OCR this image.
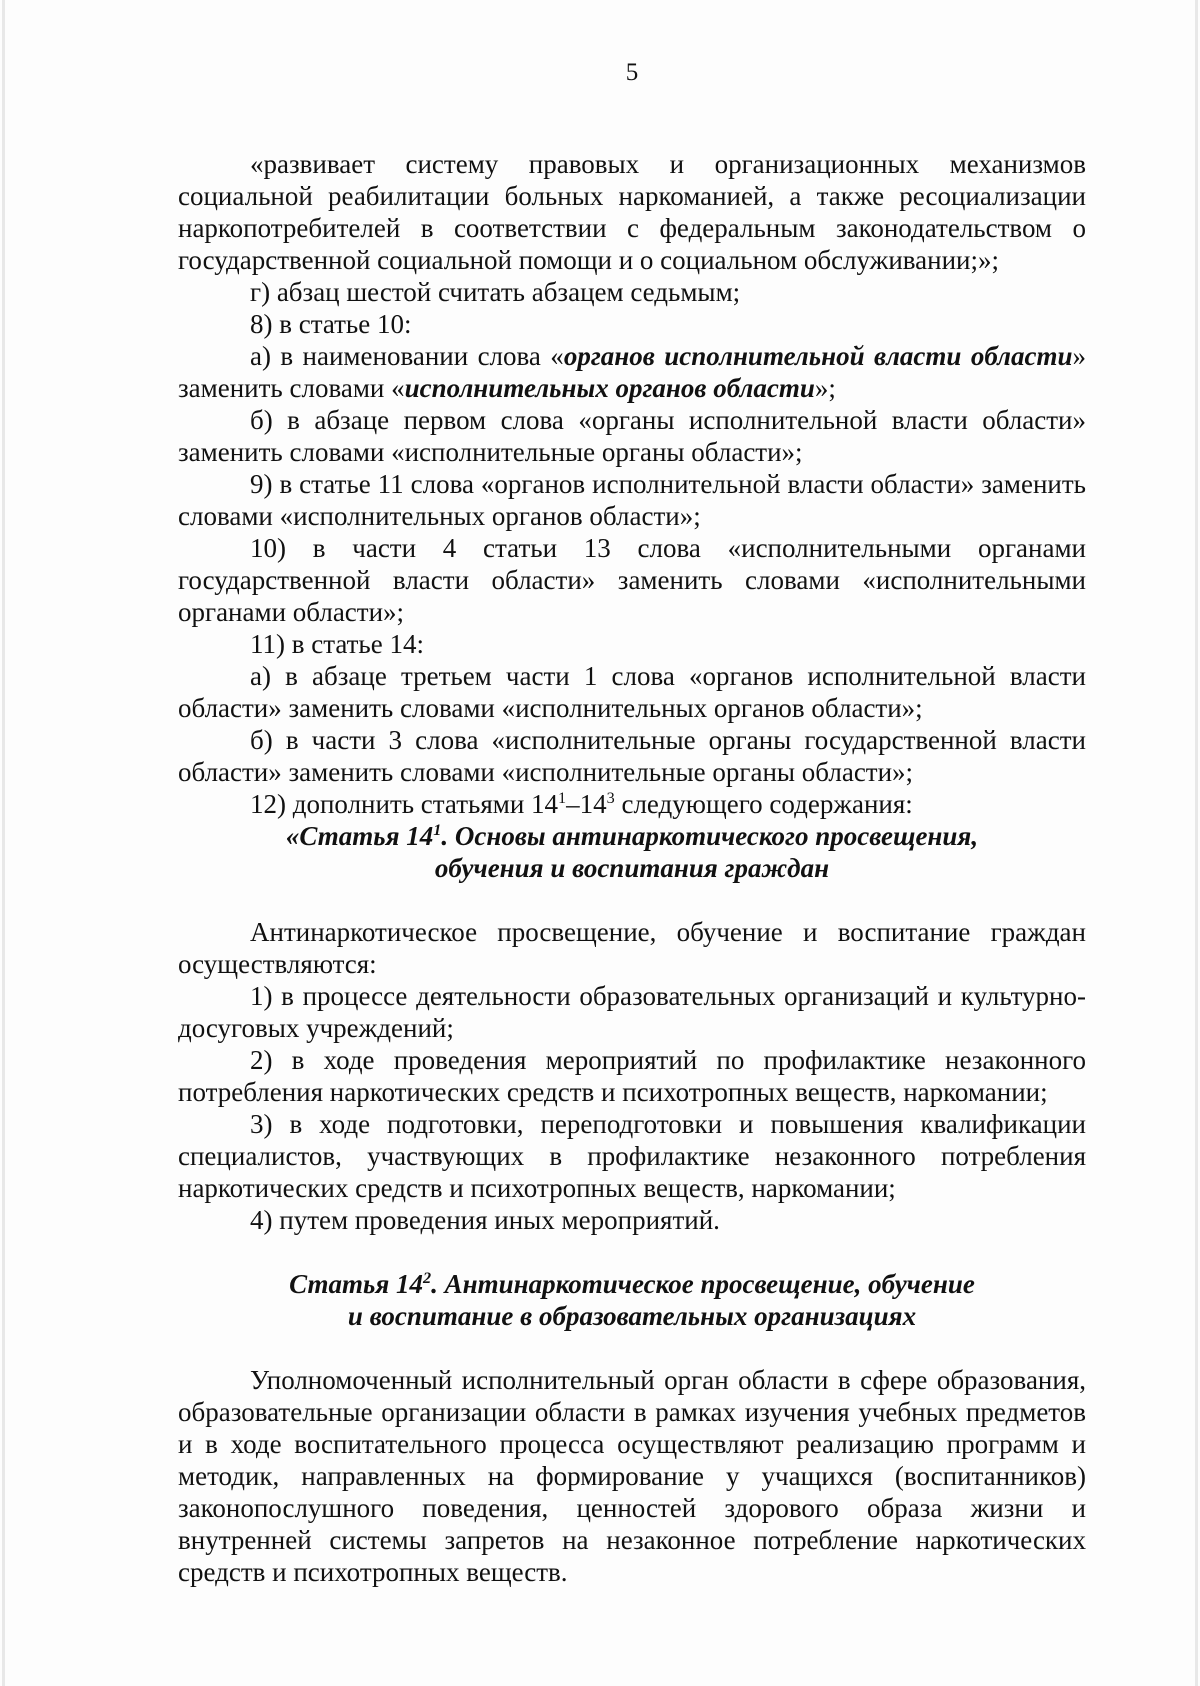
5

«развивает систему правовых и организационных механизмов социальной реабилитации больных наркоманией, а также ресоциализации наркопотребителей в соответствии с федеральным законодательством о государственной социальной помощи и о социальном обслуживании;»;

г) абзац шестой считать абзацем седьмым;

8) в статье 10:

а) в наименовании слова «органов исполнительной власти области» заменить словами «исполнительных органов области»;

б) в абзаце первом слова «органы исполнительной власти области» заменить словами «исполнительные органы области»;

9) в статье 11 слова «органов исполнительной власти области» заменить словами «исполнительных органов области»;

10) в части 4 статьи 13 слова «исполнительными органами государственной власти области» заменить словами «исполнительными органами области»;

11) в статье 14:

а) в абзаце третьем части 1 слова «органов исполнительной власти области» заменить словами «исполнительных органов области»;

б) в части 3 слова «исполнительные органы государственной власти области» заменить словами «исполнительные органы области»;

12) дополнить статьями $14^1-14^3$ следующего содержания:

«Статья $14^1$. Основы антинаркотического просвещения,

обучения и воспитания граждан

Антинаркотическое просвещение, обучение и воспитание граждан осуществляются:

1) в процессе деятельности образовательных организаций и культурно-досуговых учреждений;

2) в ходе проведения мероприятий по профилактике незаконного потребления наркотических средств и психотропных веществ, наркомании;

3) в ходе подготовки, переподготовки и повышения квалификации специалистов, участвующих в профилактике незаконного потребления наркотических средств и психотропных веществ, наркомании;

4) путем проведения иных мероприятий.

Статья $14^2$. Антинаркотическое просвещение, обучение

и воспитание в образовательных организациях

Уполномоченный исполнительный орган области в сфере образования, образовательные организации области в рамках изучения учебных предметов и в ходе воспитательного процесса осуществляют реализацию программ и методик, направленных на формирование у учащихся (воспитанников) законопослушного поведения, ценностей здорового образа жизни и внутренней системы запретов на незаконное потребление наркотических средств и психотропных веществ.
